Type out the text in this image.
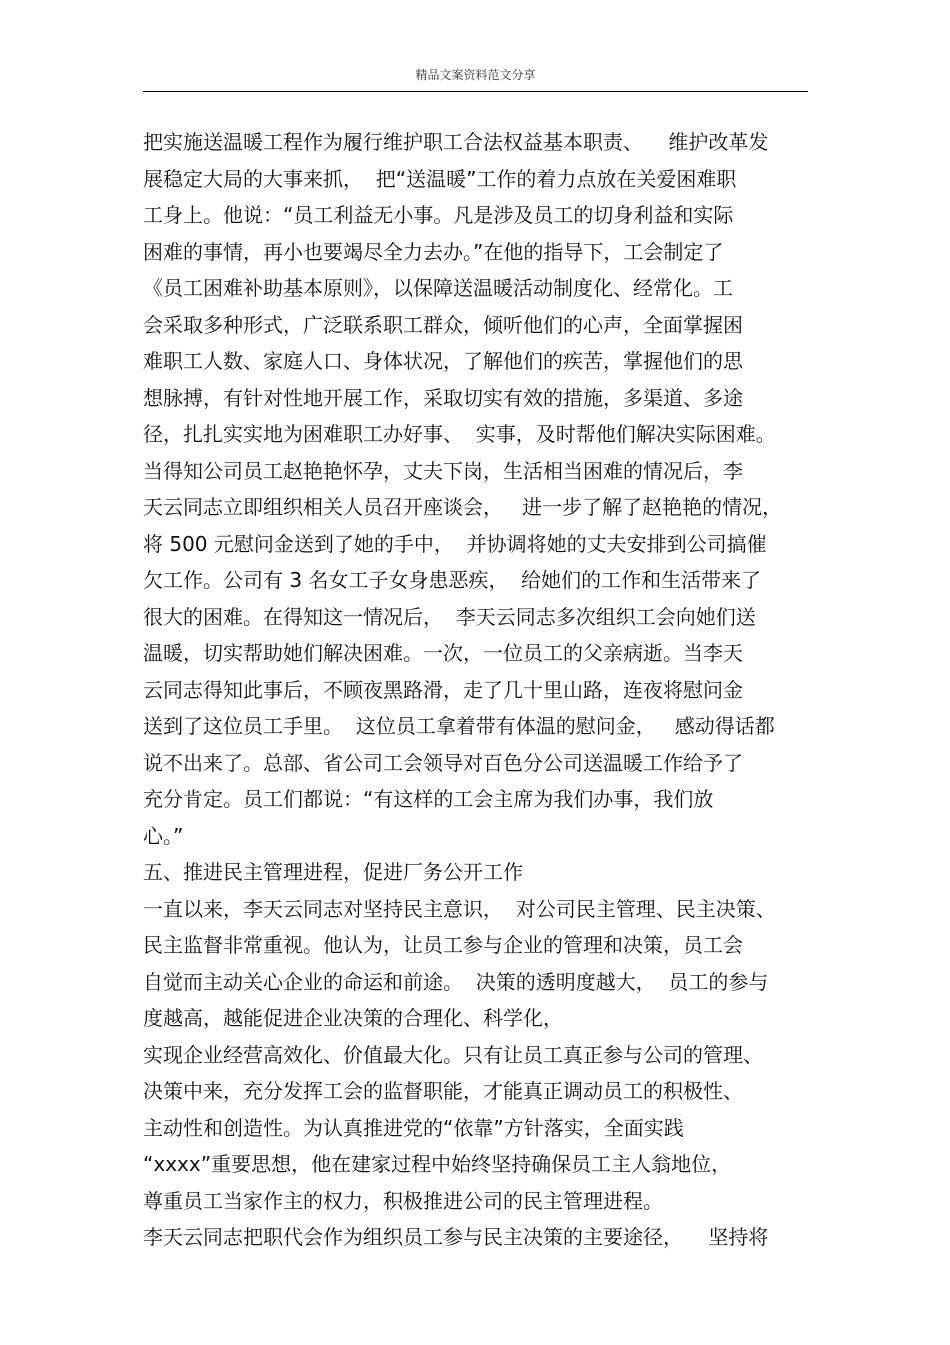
精品文案资料范文分享
把实施送温暖工程作为履行维护职工合法权益基本职责、    维护改革发
展稳定大局的大事来抓，  把“送温暖”工作的着力点放在关爱困难职
工身上。他说：“员工利益无小事。凡是涉及员工的切身利益和实际
困难的事情，再小也要竭尽全力去办。”在他的指导下，工会制定了
《员工困难补助基本原则》，以保障送温暖活动制度化、经常化。工
会采取多种形式，广泛联系职工群众，倾听他们的心声，全面掌握困
难职工人数、家庭人口、身体状况，了解他们的疾苦，掌握他们的思
想脉搏，有针对性地开展工作，采取切实有效的措施，多渠道、多途
径，扎扎实实地为困难职工办好事、  实事，及时帮他们解决实际困难。
当得知公司员工赵艳艳怀孕，丈夫下岗，生活相当困难的情况后，李
天云同志立即组织相关人员召开座谈会，   进一步了解了赵艳艳的情况，
将 500 元慰问金送到了她的手中，  并协调将她的丈夫安排到公司搞催
欠工作。公司有 3 名女工子女身患恶疾，  给她们的工作和生活带来了
很大的困难。在得知这一情况后，  李天云同志多次组织工会向她们送
温暖，切实帮助她们解决困难。一次，一位员工的父亲病逝。当李天
云同志得知此事后，不顾夜黑路滑，走了几十里山路，连夜将慰问金
送到了这位员工手里。  这位员工拿着带有体温的慰问金，   感动得话都
说不出来了。总部、省公司工会领导对百色分公司送温暖工作给予了
充分肯定。员工们都说：“有这样的工会主席为我们办事，我们放
心。”
五、推进民主管理进程，促进厂务公开工作
一直以来，李天云同志对坚持民主意识，  对公司民主管理、民主决策、
民主监督非常重视。他认为，让员工参与企业的管理和决策，员工会
自觉而主动关心企业的命运和前途。  决策的透明度越大，  员工的参与
度越高，越能促进企业决策的合理化、科学化，
实现企业经营高效化、价值最大化。只有让员工真正参与公司的管理、
决策中来，充分发挥工会的监督职能，才能真正调动员工的积极性、
主动性和创造性。为认真推进党的“依靠”方针落实，全面实践
“xxxx”重要思想，他在建家过程中始终坚持确保员工主人翁地位，
尊重员工当家作主的权力，积极推进公司的民主管理进程。
李天云同志把职代会作为组织员工参与民主决策的主要途径，    坚持将
